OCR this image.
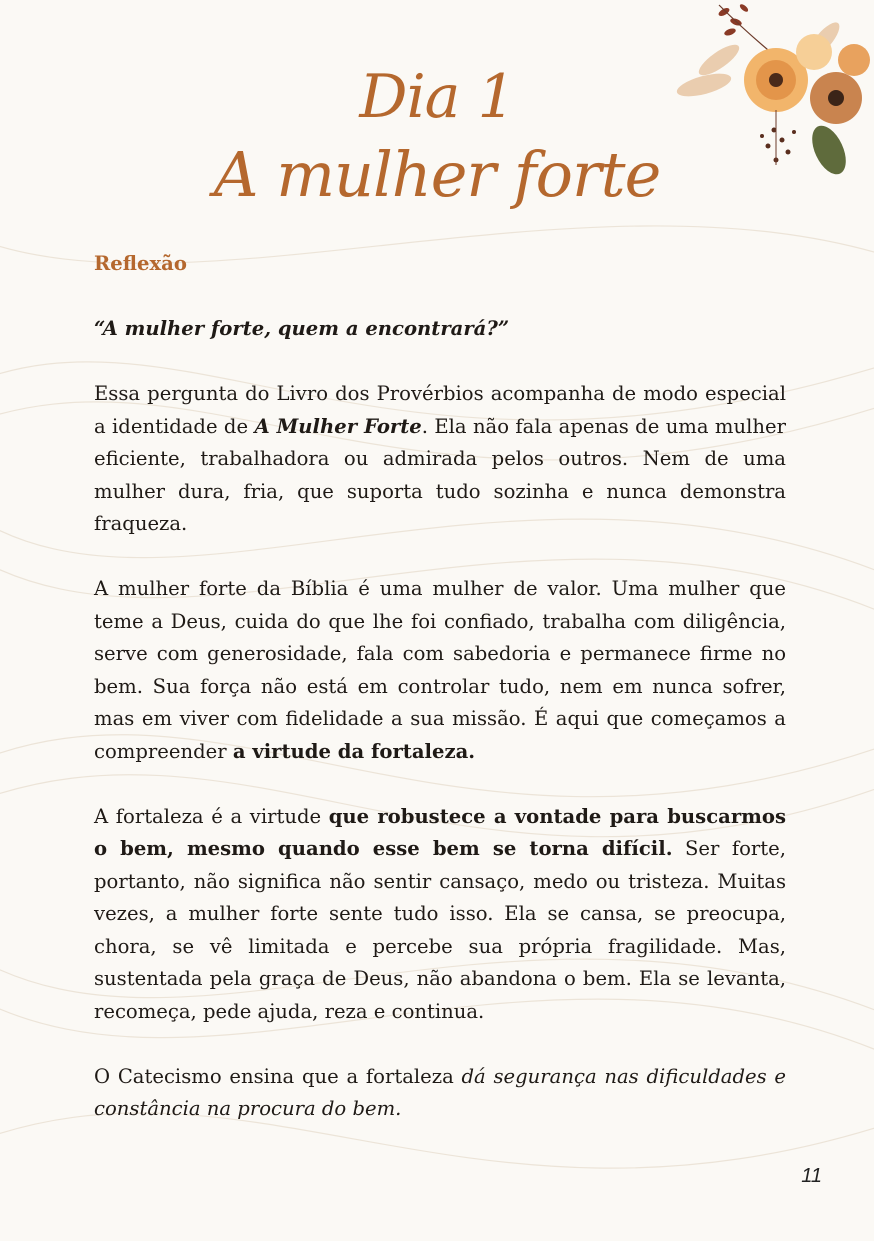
Dia 1
A mulher forte
Reflexão
“A mulher forte, quem a encontrará?”

Essa pergunta do Livro dos Provérbios acompanha de modo especial a identidade de A Mulher Forte. Ela não fala apenas de uma mulher eficiente, trabalhadora ou admirada pelos outros. Nem de uma mulher dura, fria, que suporta tudo sozinha e nunca demonstra fraqueza.

A mulher forte da Bíblia é uma mulher de valor. Uma mulher que teme a Deus, cuida do que lhe foi confiado, trabalha com diligência, serve com generosidade, fala com sabedoria e permanece firme no bem. Sua força não está em controlar tudo, nem em nunca sofrer, mas em viver com fidelidade a sua missão. É aqui que começamos a compreender a virtude da fortaleza.

A fortaleza é a virtude que robustece a vontade para buscarmos o bem, mesmo quando esse bem se torna difícil. Ser forte, portanto, não significa não sentir cansaço, medo ou tristeza. Muitas vezes, a mulher forte sente tudo isso. Ela se cansa, se preocupa, chora, se vê limitada e percebe sua própria fragilidade. Mas, sustentada pela graça de Deus, não abandona o bem. Ela se levanta, recomeça, pede ajuda, reza e continua.

O Catecismo ensina que a fortaleza dá segurança nas dificuldades e constância na procura do bem.

11
